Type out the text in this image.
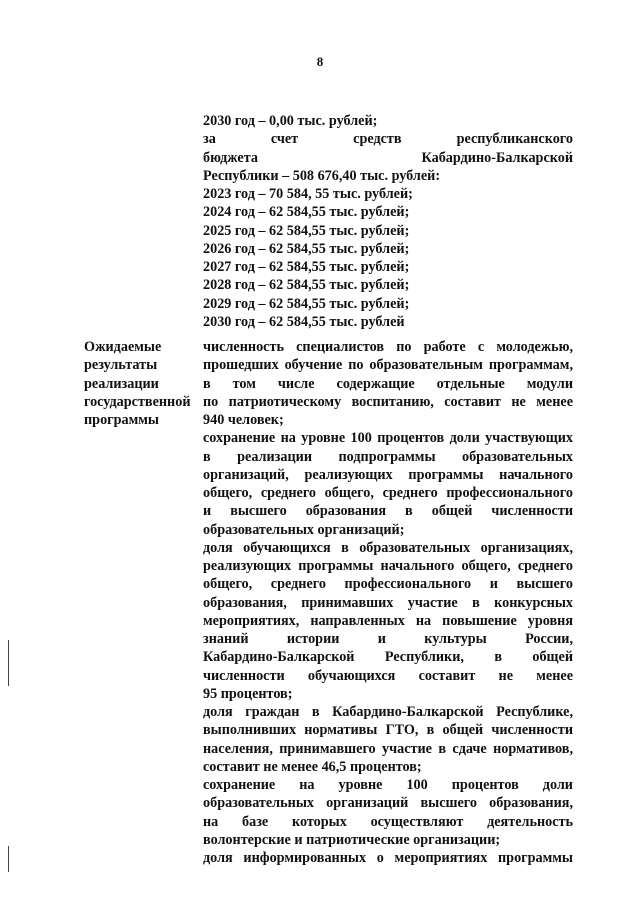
8
2030 год – 0,00 тыс. рублей;
за счет средств республиканского
бюджета Кабардино-Балкарской
Республики – 508 676,40 тыс. рублей:
2023 год – 70 584, 55 тыс. рублей;
2024 год – 62 584,55 тыс. рублей;
2025 год – 62 584,55 тыс. рублей;
2026 год – 62 584,55 тыс. рублей;
2027 год – 62 584,55 тыс. рублей;
2028 год – 62 584,55 тыс. рублей;
2029 год – 62 584,55 тыс. рублей;
2030 год – 62 584,55 тыс. рублей
Ожидаемые
результаты
реализации
государственной
программы
численность специалистов по работе с молодежью,
прошедших обучение по образовательным программам,
в том числе содержащие отдельные модули
по патриотическому воспитанию, составит не менее
940 человек;
сохранение на уровне 100 процентов доли участвующих
в реализации подпрограммы образовательных
организаций, реализующих программы начального
общего, среднего общего, среднего профессионального
и высшего образования в общей численности
образовательных организаций;
доля обучающихся в образовательных организациях,
реализующих программы начального общего, среднего
общего, среднего профессионального и высшего
образования, принимавших участие в конкурсных
мероприятиях, направленных на повышение уровня
знаний истории и культуры России,
Кабардино-Балкарской Республики, в общей
численности обучающихся составит не менее
95 процентов;
доля граждан в Кабардино-Балкарской Республике,
выполнивших нормативы ГТО, в общей численности
населения, принимавшего участие в сдаче нормативов,
составит не менее 46,5 процентов;
сохранение на уровне 100 процентов доли
образовательных организаций высшего образования,
на базе которых осуществляют деятельность
волонтерские и патриотические организации;
доля информированных о мероприятиях программы
